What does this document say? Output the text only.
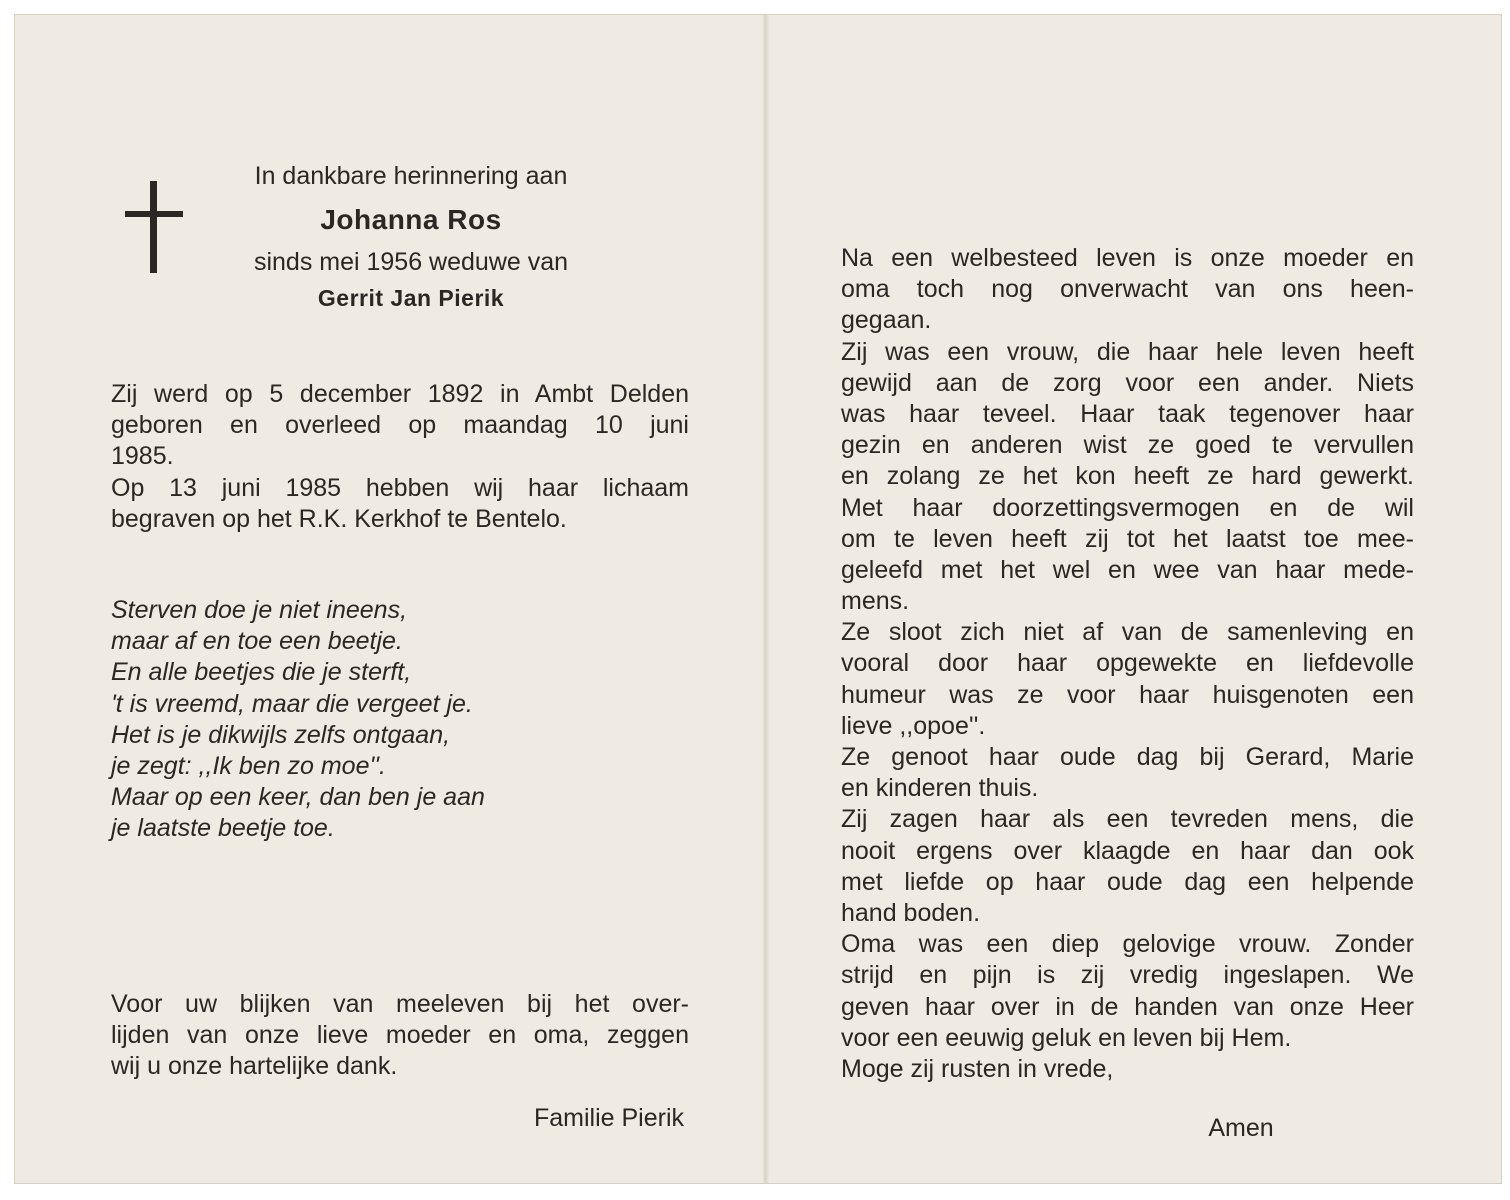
In dankbare herinnering aan
Johanna Ros
sinds mei 1956 weduwe van
Gerrit Jan Pierik
Zij werd op 5 december 1892 in Ambt Delden
geboren en overleed op maandag 10 juni
1985.
Op 13 juni 1985 hebben wij haar lichaam
begraven op het R.K. Kerkhof te Bentelo.
Sterven doe je niet ineens,
maar af en toe een beetje.
En alle beetjes die je sterft,
't is vreemd, maar die vergeet je.
Het is je dikwijls zelfs ontgaan,
je zegt: ,,Ik ben zo moe''.
Maar op een keer, dan ben je aan
je laatste beetje toe.
Voor uw blijken van meeleven bij het over-
lijden van onze lieve moeder en oma, zeggen
wij u onze hartelijke dank.
Familie Pierik
Na een welbesteed leven is onze moeder en
oma toch nog onverwacht van ons heen-
gegaan.
Zij was een vrouw, die haar hele leven heeft
gewijd aan de zorg voor een ander. Niets
was haar teveel. Haar taak tegenover haar
gezin en anderen wist ze goed te vervullen
en zolang ze het kon heeft ze hard gewerkt.
Met haar doorzettingsvermogen en de wil
om te leven heeft zij tot het laatst toe mee-
geleefd met het wel en wee van haar mede-
mens.
Ze sloot zich niet af van de samenleving en
vooral door haar opgewekte en liefdevolle
humeur was ze voor haar huisgenoten een
lieve ,,opoe''.
Ze genoot haar oude dag bij Gerard, Marie
en kinderen thuis.
Zij zagen haar als een tevreden mens, die
nooit ergens over klaagde en haar dan ook
met liefde op haar oude dag een helpende
hand boden.
Oma was een diep gelovige vrouw. Zonder
strijd en pijn is zij vredig ingeslapen. We
geven haar over in de handen van onze Heer
voor een eeuwig geluk en leven bij Hem.
Moge zij rusten in vrede,
Amen
